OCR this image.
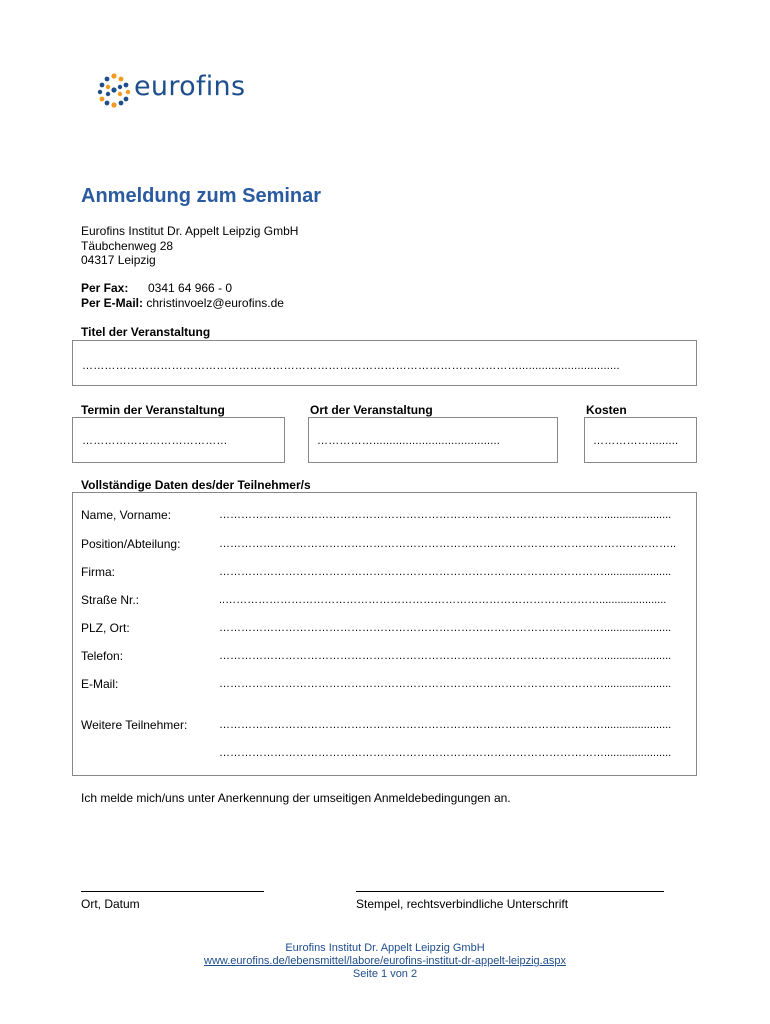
eurofins
Anmeldung zum Seminar
Eurofins Institut Dr. Appelt Leipzig GmbH
Täubchenweg 28
04317 Leipzig
Per Fax: 0341 64 966 - 0
Per E-Mail: christinvoelz@eurofins.de
Titel der Veranstaltung
………………………………………………………………………………………………………...............................
Termin der Veranstaltung	Ort der Veranstaltung	Kosten
…………………………………	…………….......................................	…………….........
Vollständige Daten des/der Teilnehmer/s
Name, Vorname:	……………………………………………………………………………………………......................
Position/Abteilung:	……………………………………………………………………………………………………………..
Firma:	……………………………………………………………………………………………......................
Straße Nr.:	..…………………………………………………………………………………………......................
PLZ, Ort:	……………………………………………………………………………………………......................
Telefon:	……………………………………………………………………………………………......................
E-Mail:	……………………………………………………………………………………………......................
Weitere Teilnehmer:	……………………………………………………………………………………………......................
……………………………………………………………………………………………......................
Ich melde mich/uns unter Anerkennung der umseitigen Anmeldebedingungen an.
Ort, Datum	Stempel, rechtsverbindliche Unterschrift
Eurofins Institut Dr. Appelt Leipzig GmbH
www.eurofins.de/lebensmittel/labore/eurofins-institut-dr-appelt-leipzig.aspx
Seite 1 von 2
